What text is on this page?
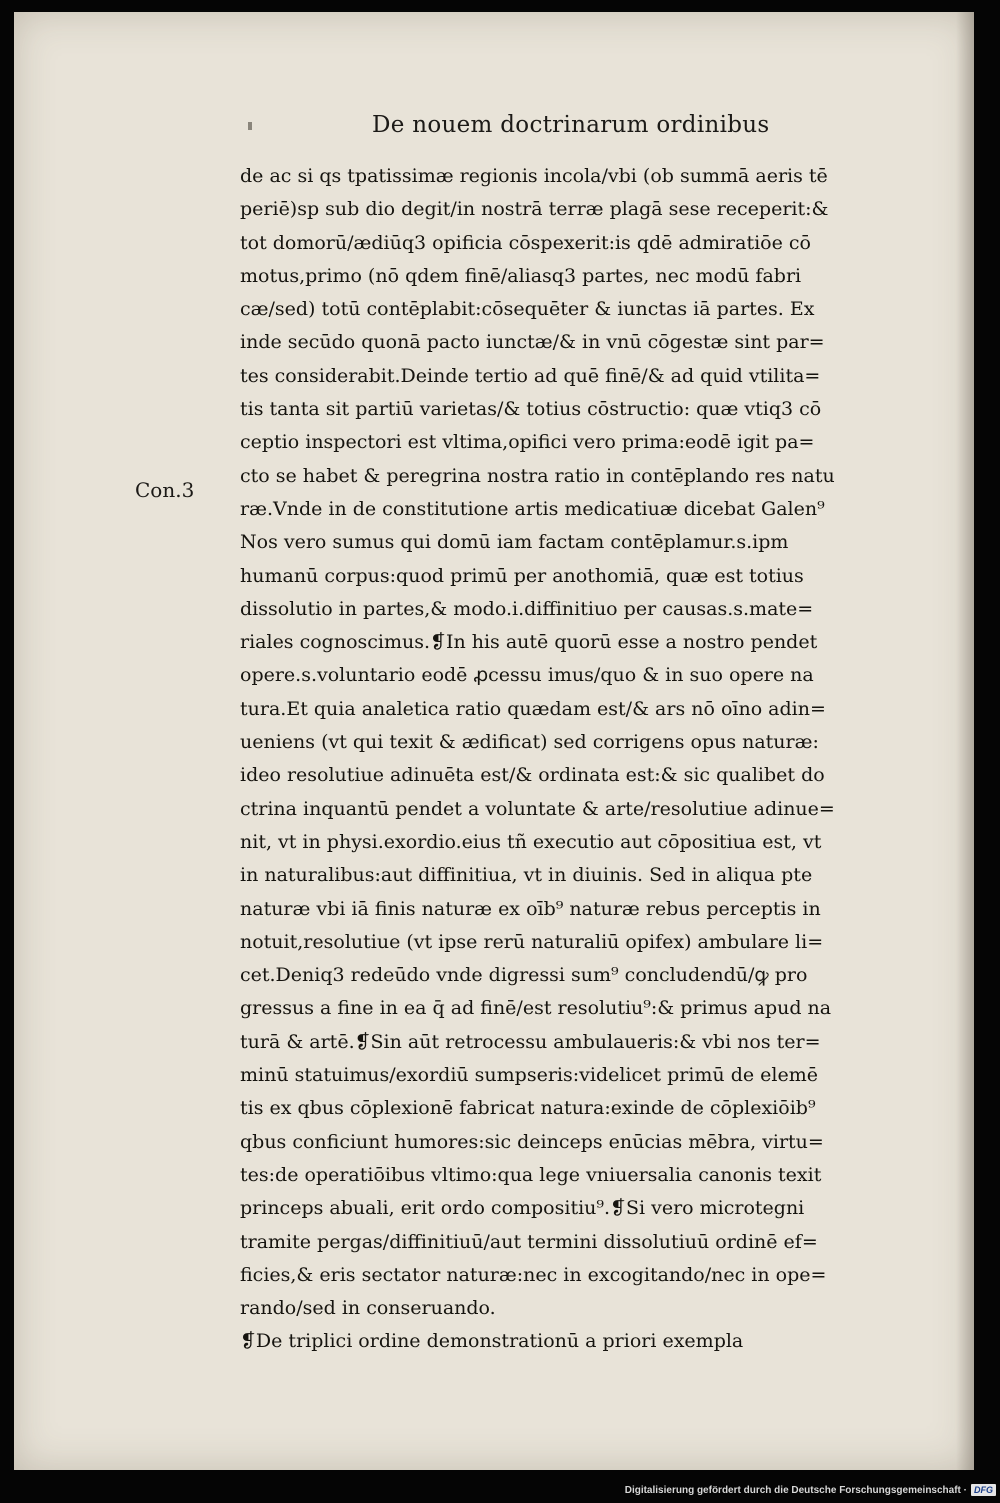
De nouem doctrinarum ordinibus
Con.3
de ac si qs tpatissimæ regionis incola/vbi (ob summā aeris tē
periē)sp sub dio degit/in nostrā terræ plagā sese receperit:&
tot domorū/ædiūq3 opificia cōspexerit:is qdē admiratiōe cō
motus,primo (nō qdem finē/aliasq3 partes, nec modū fabri
cæ/sed) totū contēplabit:cōsequēter & iunctas iā partes. Ex
inde secūdo quonā pacto iunctæ/& in vnū cōgestæ sint par=
tes considerabit.Deinde tertio ad quē finē/& ad quid vtilita=
tis tanta sit partiū varietas/& totius cōstructio: quæ vtiq3 cō
ceptio inspectori est vltima,opifici vero prima:eodē igit pa=
cto se habet & peregrina nostra ratio in contēplando res natu
ræ.Vnde in de constitutione artis medicatiuæ dicebat Galen⁹
Nos vero sumus qui domū iam factam contēplamur.s.ipm
humanū corpus:quod primū per anothomiā, quæ est totius
dissolutio in partes,& modo.i.diffinitiuo per causas.s.mate=
riales cognoscimus.❡In his autē quorū esse a nostro pendet
opere.s.voluntario eodē ꝓcessu imus/quo & in suo opere na
tura.Et quia analetica ratio quædam est/& ars nō oīno adin=
ueniens (vt qui texit & ædificat) sed corrigens opus naturæ:
ideo resolutiue adinuēta est/& ordinata est:& sic qualibet do
ctrina inquantū pendet a voluntate & arte/resolutiue adinue=
nit, vt in physi.exordio.eius tñ executio aut cōpositiua est, vt
in naturalibus:aut diffinitiua, vt in diuinis. Sed in aliqua pte
naturæ vbi iā finis naturæ ex oīb⁹ naturæ rebus perceptis in
notuit,resolutiue (vt ipse rerū naturaliū opifex) ambulare li=
cet.Deniq3 redeūdo vnde digressi sum⁹ concludendū/ꝙ pro
gressus a fine in ea q̄ ad finē/est resolutiu⁹:& primus apud na
turā & artē.❡Sin aūt retrocessu ambulaueris:& vbi nos ter=
minū statuimus/exordiū sumpseris:videlicet primū de elemē
tis ex qbus cōplexionē fabricat natura:exinde de cōplexiōib⁹
qbus conficiunt humores:sic deinceps enūcias mēbra, virtu=
tes:de operatiōibus vltimo:qua lege vniuersalia canonis texit
princeps abuali, erit ordo compositiu⁹.❡Si vero microtegni
tramite pergas/diffinitiuū/aut termini dissolutiuū ordinē ef=
ficies,& eris sectator naturæ:nec in excogitando/nec in ope=
rando/sed in conseruando.
❡De triplici ordine demonstrationū a priori exempla
Digitalisierung gefördert durch die Deutsche Forschungsgemeinschaft · DFG
